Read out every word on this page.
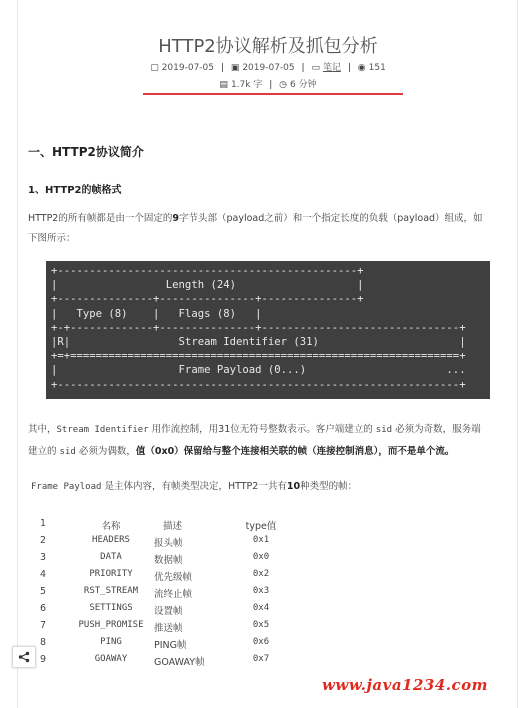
HTTP2协议解析及抓包分析
▢ 2019-07-05 | ▣ 2019-07-05 | ▭ 笔记 | ◉ 151
▤ 1.7k 字 | ◷ 6 分钟
一、HTTP2协议简介
1、HTTP2的帧格式
HTTP2的所有帧都是由一个固定的9字节头部（payload之前）和一个指定长度的负载（payload）组成，如
下图所示：
+-----------------------------------------------+
|                 Length (24)                   |
+---------------+---------------+---------------+
|   Type (8)    |   Flags (8)   |
+-+-------------+---------------+-------------------------------+
|R|                 Stream Identifier (31)                      |
+=+=============================================================+
|                   Frame Payload (0...)                      ...
+---------------------------------------------------------------+
其中，Stream Identifier 用作流控制，用31位无符号整数表示。客户端建立的 sid 必须为奇数，服务端
建立的 sid 必须为偶数，值（0x0）保留给与整个连接相关联的帧（连接控制消息），而不是单个流。
Frame Payload 是主体内容，有帧类型决定，HTTP2一共有10种类型的帧：
1	名称	描述	type值
2	HEADERS	报头帧	0x1
3	DATA	数据帧	0x0
4	PRIORITY	优先级帧	0x2
5	RST_STREAM	流终止帧	0x3
6	SETTINGS	设置帧	0x4
7	PUSH_PROMISE	推送帧	0x5
8	PING	PING帧	0x6
9	GOAWAY	GOAWAY帧	0x7
www.java1234.com
